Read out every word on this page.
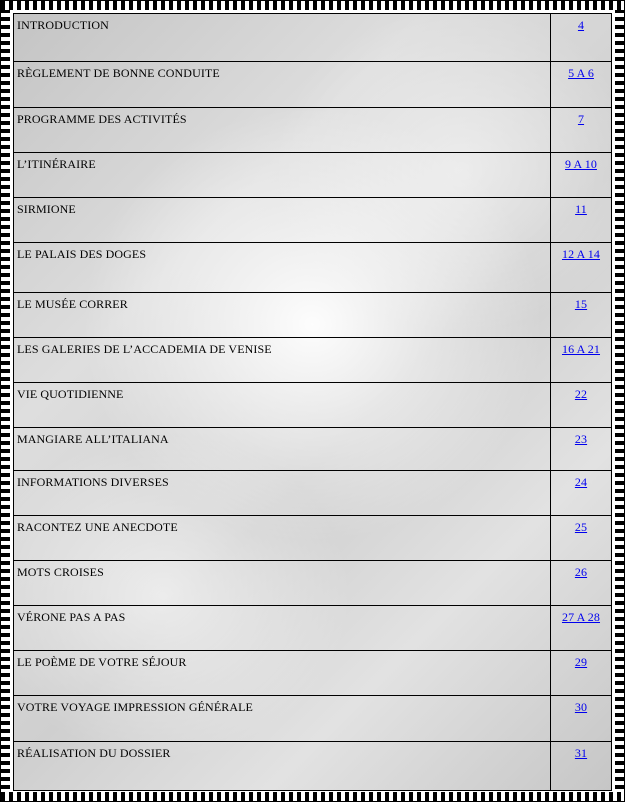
INTRODUCTION	4
RÈGLEMENT DE BONNE CONDUITE	5 A 6
PROGRAMME DES ACTIVITÉS	7
L’ITINÉRAIRE	9 A 10
SIRMIONE	11
LE PALAIS DES DOGES	12 A 14
LE MUSÉE CORRER	15
LES GALERIES DE L’ACCADEMIA DE VENISE	16 A 21
VIE QUOTIDIENNE	22
MANGIARE ALL’ITALIANA	23
INFORMATIONS DIVERSES	24
RACONTEZ UNE ANECDOTE	25
MOTS CROISES	26
VÉRONE PAS A PAS	27 A 28
LE POÈME DE VOTRE SÉJOUR	29
VOTRE VOYAGE IMPRESSION GÉNÉRALE	30
RÉALISATION DU DOSSIER	31
